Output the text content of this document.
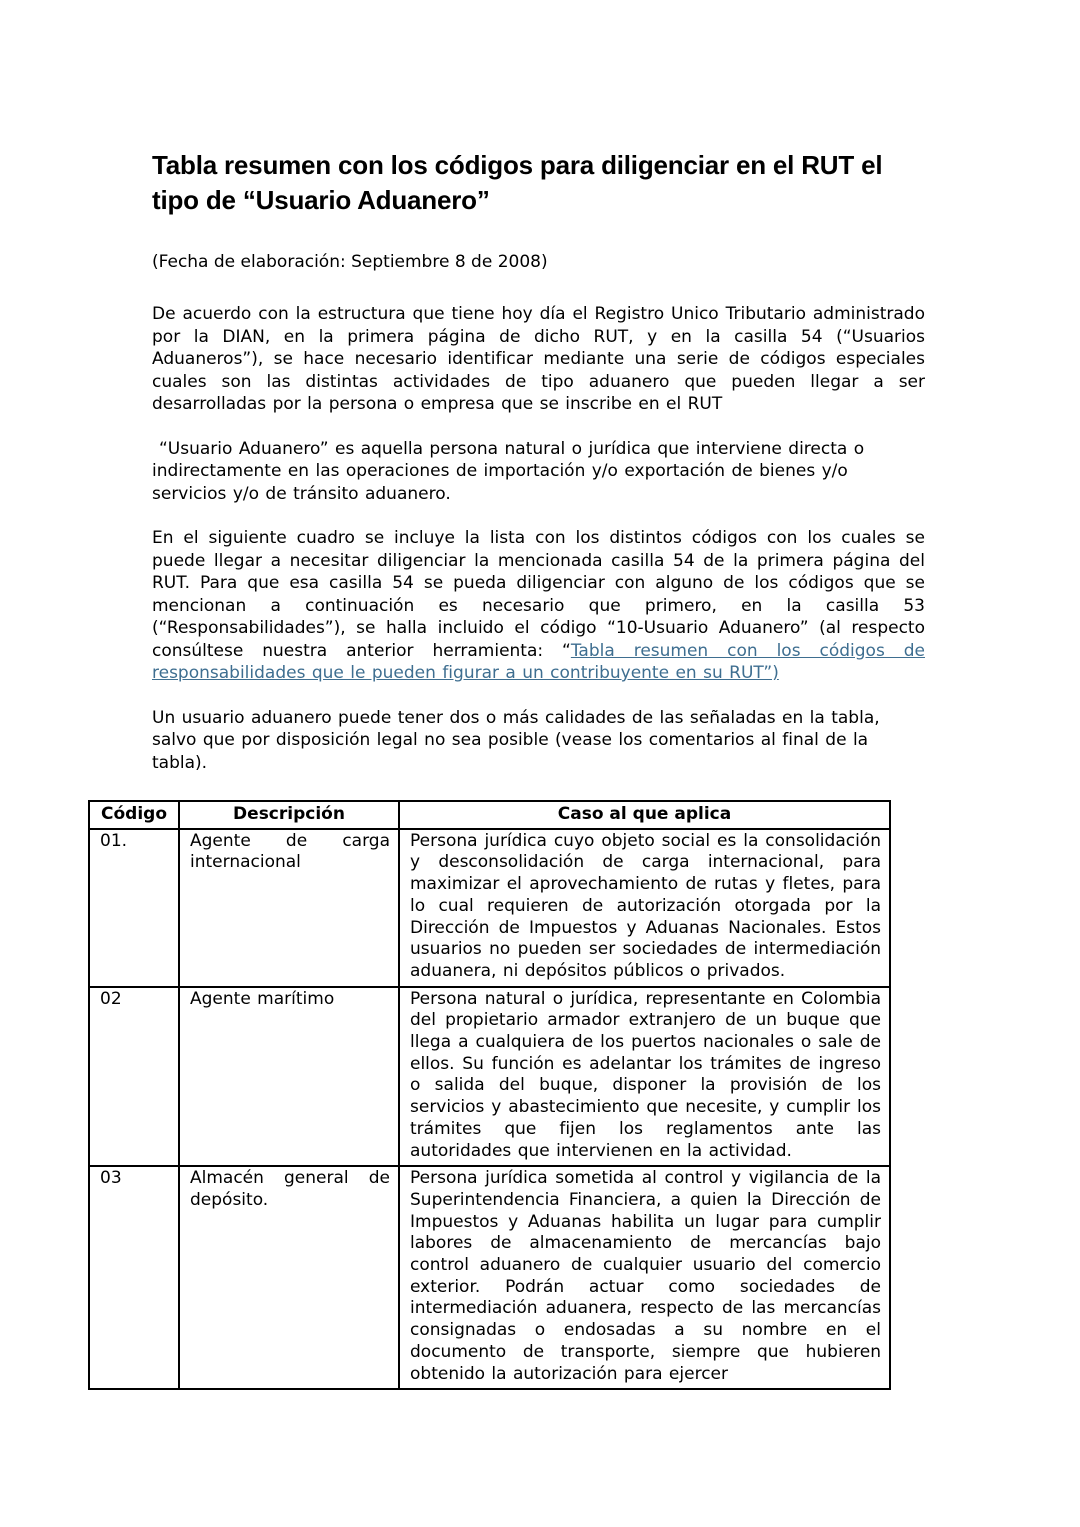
Tabla resumen con los códigos para diligenciar en el RUT el tipo de “Usuario Aduanero”

(Fecha de elaboración: Septiembre 8 de 2008)

De acuerdo con la estructura que tiene hoy día el Registro Unico Tributario administrado por la DIAN, en la primera página de dicho RUT, y en la casilla 54 (“Usuarios Aduaneros”), se hace necesario identificar mediante una serie de códigos especiales cuales son las distintas actividades de tipo aduanero que pueden llegar a ser desarrolladas por la persona o empresa que se inscribe en el RUT

“Usuario Aduanero” es aquella persona natural o jurídica que interviene directa o indirectamente en las operaciones de importación y/o exportación de bienes y/o servicios y/o de tránsito aduanero.

En el siguiente cuadro se incluye la lista con los distintos códigos con los cuales se puede llegar a necesitar diligenciar la mencionada casilla 54 de la primera página del RUT. Para que esa casilla 54 se pueda diligenciar con alguno de los códigos que se mencionan a continuación es necesario que primero, en la casilla 53 (“Responsabilidades”), se halla incluido el código “10-Usuario Aduanero” (al respecto consúltese nuestra anterior herramienta: “Tabla resumen con los códigos de responsabilidades que le pueden figurar a un contribuyente en su RUT”)

Un usuario aduanero puede tener dos o más calidades de las señaladas en la tabla, salvo que por disposición legal no sea posible (vease los comentarios al final de la tabla).

Código	Descripción	Caso al que aplica
01.	Agente de carga internacional	Persona jurídica cuyo objeto social es la consolidación y desconsolidación de carga internacional, para maximizar el aprovechamiento de rutas y fletes, para lo cual requieren de autorización otorgada por la Dirección de Impuestos y Aduanas Nacionales. Estos usuarios no pueden ser sociedades de intermediación aduanera, ni depósitos públicos o privados.
02	Agente marítimo	Persona natural o jurídica, representante en Colombia del propietario armador extranjero de un buque que llega a cualquiera de los puertos nacionales o sale de ellos. Su función es adelantar los trámites de ingreso o salida del buque, disponer la provisión de los servicios y abastecimiento que necesite, y cumplir los trámites que fijen los reglamentos ante las autoridades que intervienen en la actividad.
03	Almacén general de depósito.	Persona jurídica sometida al control y vigilancia de la Superintendencia Financiera, a quien la Dirección de Impuestos y Aduanas habilita un lugar para cumplir labores de almacenamiento de mercancías bajo control aduanero de cualquier usuario del comercio exterior. Podrán actuar como sociedades de intermediación aduanera, respecto de las mercancías consignadas o endosadas a su nombre en el documento de transporte, siempre que hubieren obtenido la autorización para ejercer
